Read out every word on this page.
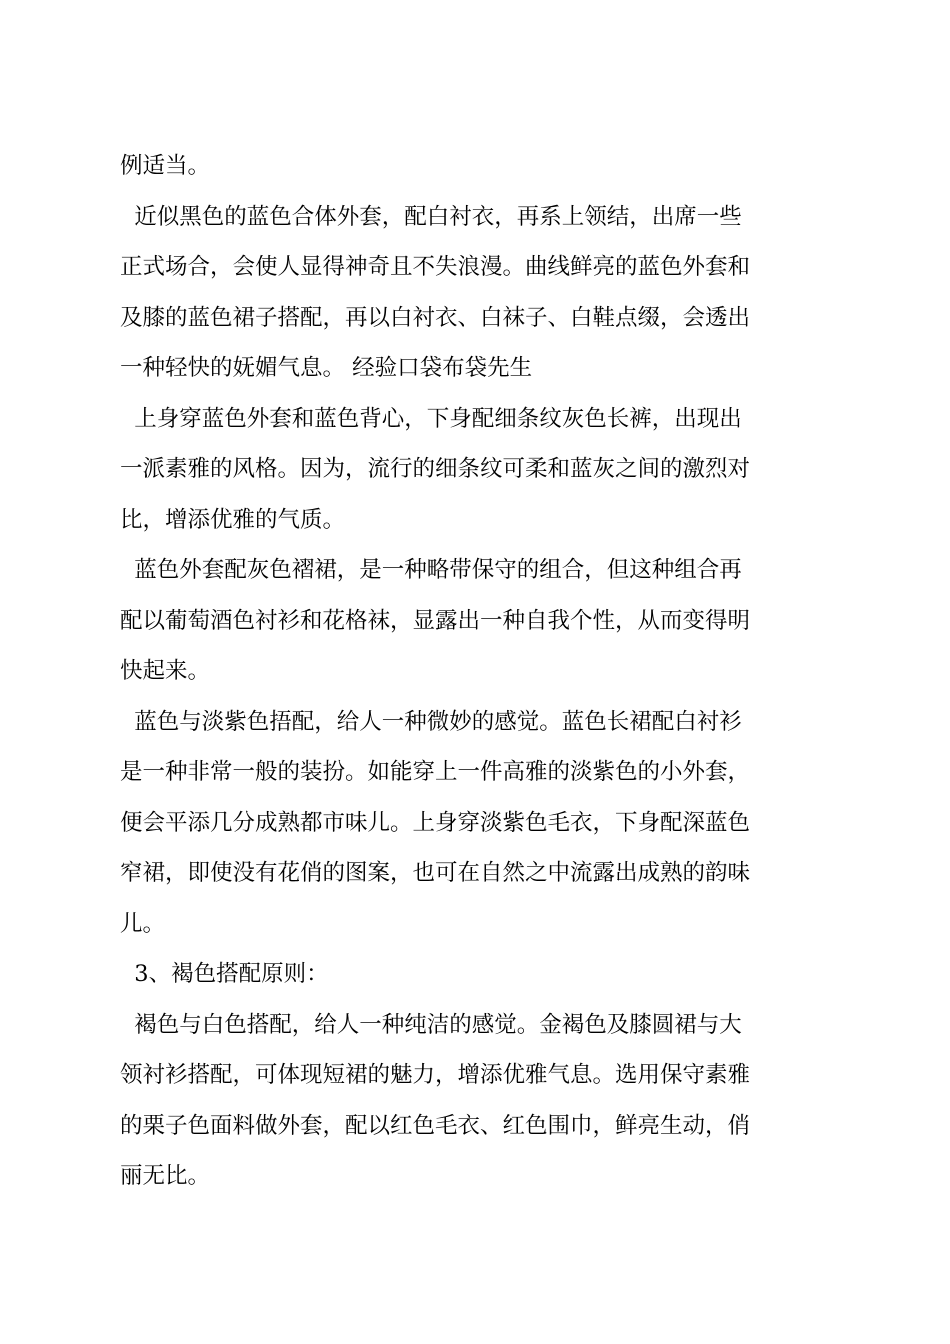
例适当。
近似黑色的蓝色合体外套，配白衬衣，再系上领结，出席一些
正式场合，会使人显得神奇且不失浪漫。曲线鲜亮的蓝色外套和
及膝的蓝色裙子搭配，再以白衬衣、白袜子、白鞋点缀，会透出
一种轻快的妩媚气息。 经验口袋布袋先生
上身穿蓝色外套和蓝色背心，下身配细条纹灰色长裤，出现出
一派素雅的风格。因为，流行的细条纹可柔和蓝灰之间的激烈对
比，增添优雅的气质。
蓝色外套配灰色褶裙，是一种略带保守的组合，但这种组合再
配以葡萄酒色衬衫和花格袜，显露出一种自我个性，从而变得明
快起来。
蓝色与淡紫色捂配，给人一种微妙的感觉。蓝色长裙配白衬衫
是一种非常一般的装扮。如能穿上一件高雅的淡紫色的小外套，
便会平添几分成熟都市味儿。上身穿淡紫色毛衣，下身配深蓝色
窄裙，即使没有花俏的图案，也可在自然之中流露出成熟的韵味
儿。
3、褐色搭配原则：
褐色与白色搭配，给人一种纯洁的感觉。金褐色及膝圆裙与大
领衬衫搭配，可体现短裙的魅力，增添优雅气息。选用保守素雅
的栗子色面料做外套，配以红色毛衣、红色围巾，鲜亮生动，俏
丽无比。
